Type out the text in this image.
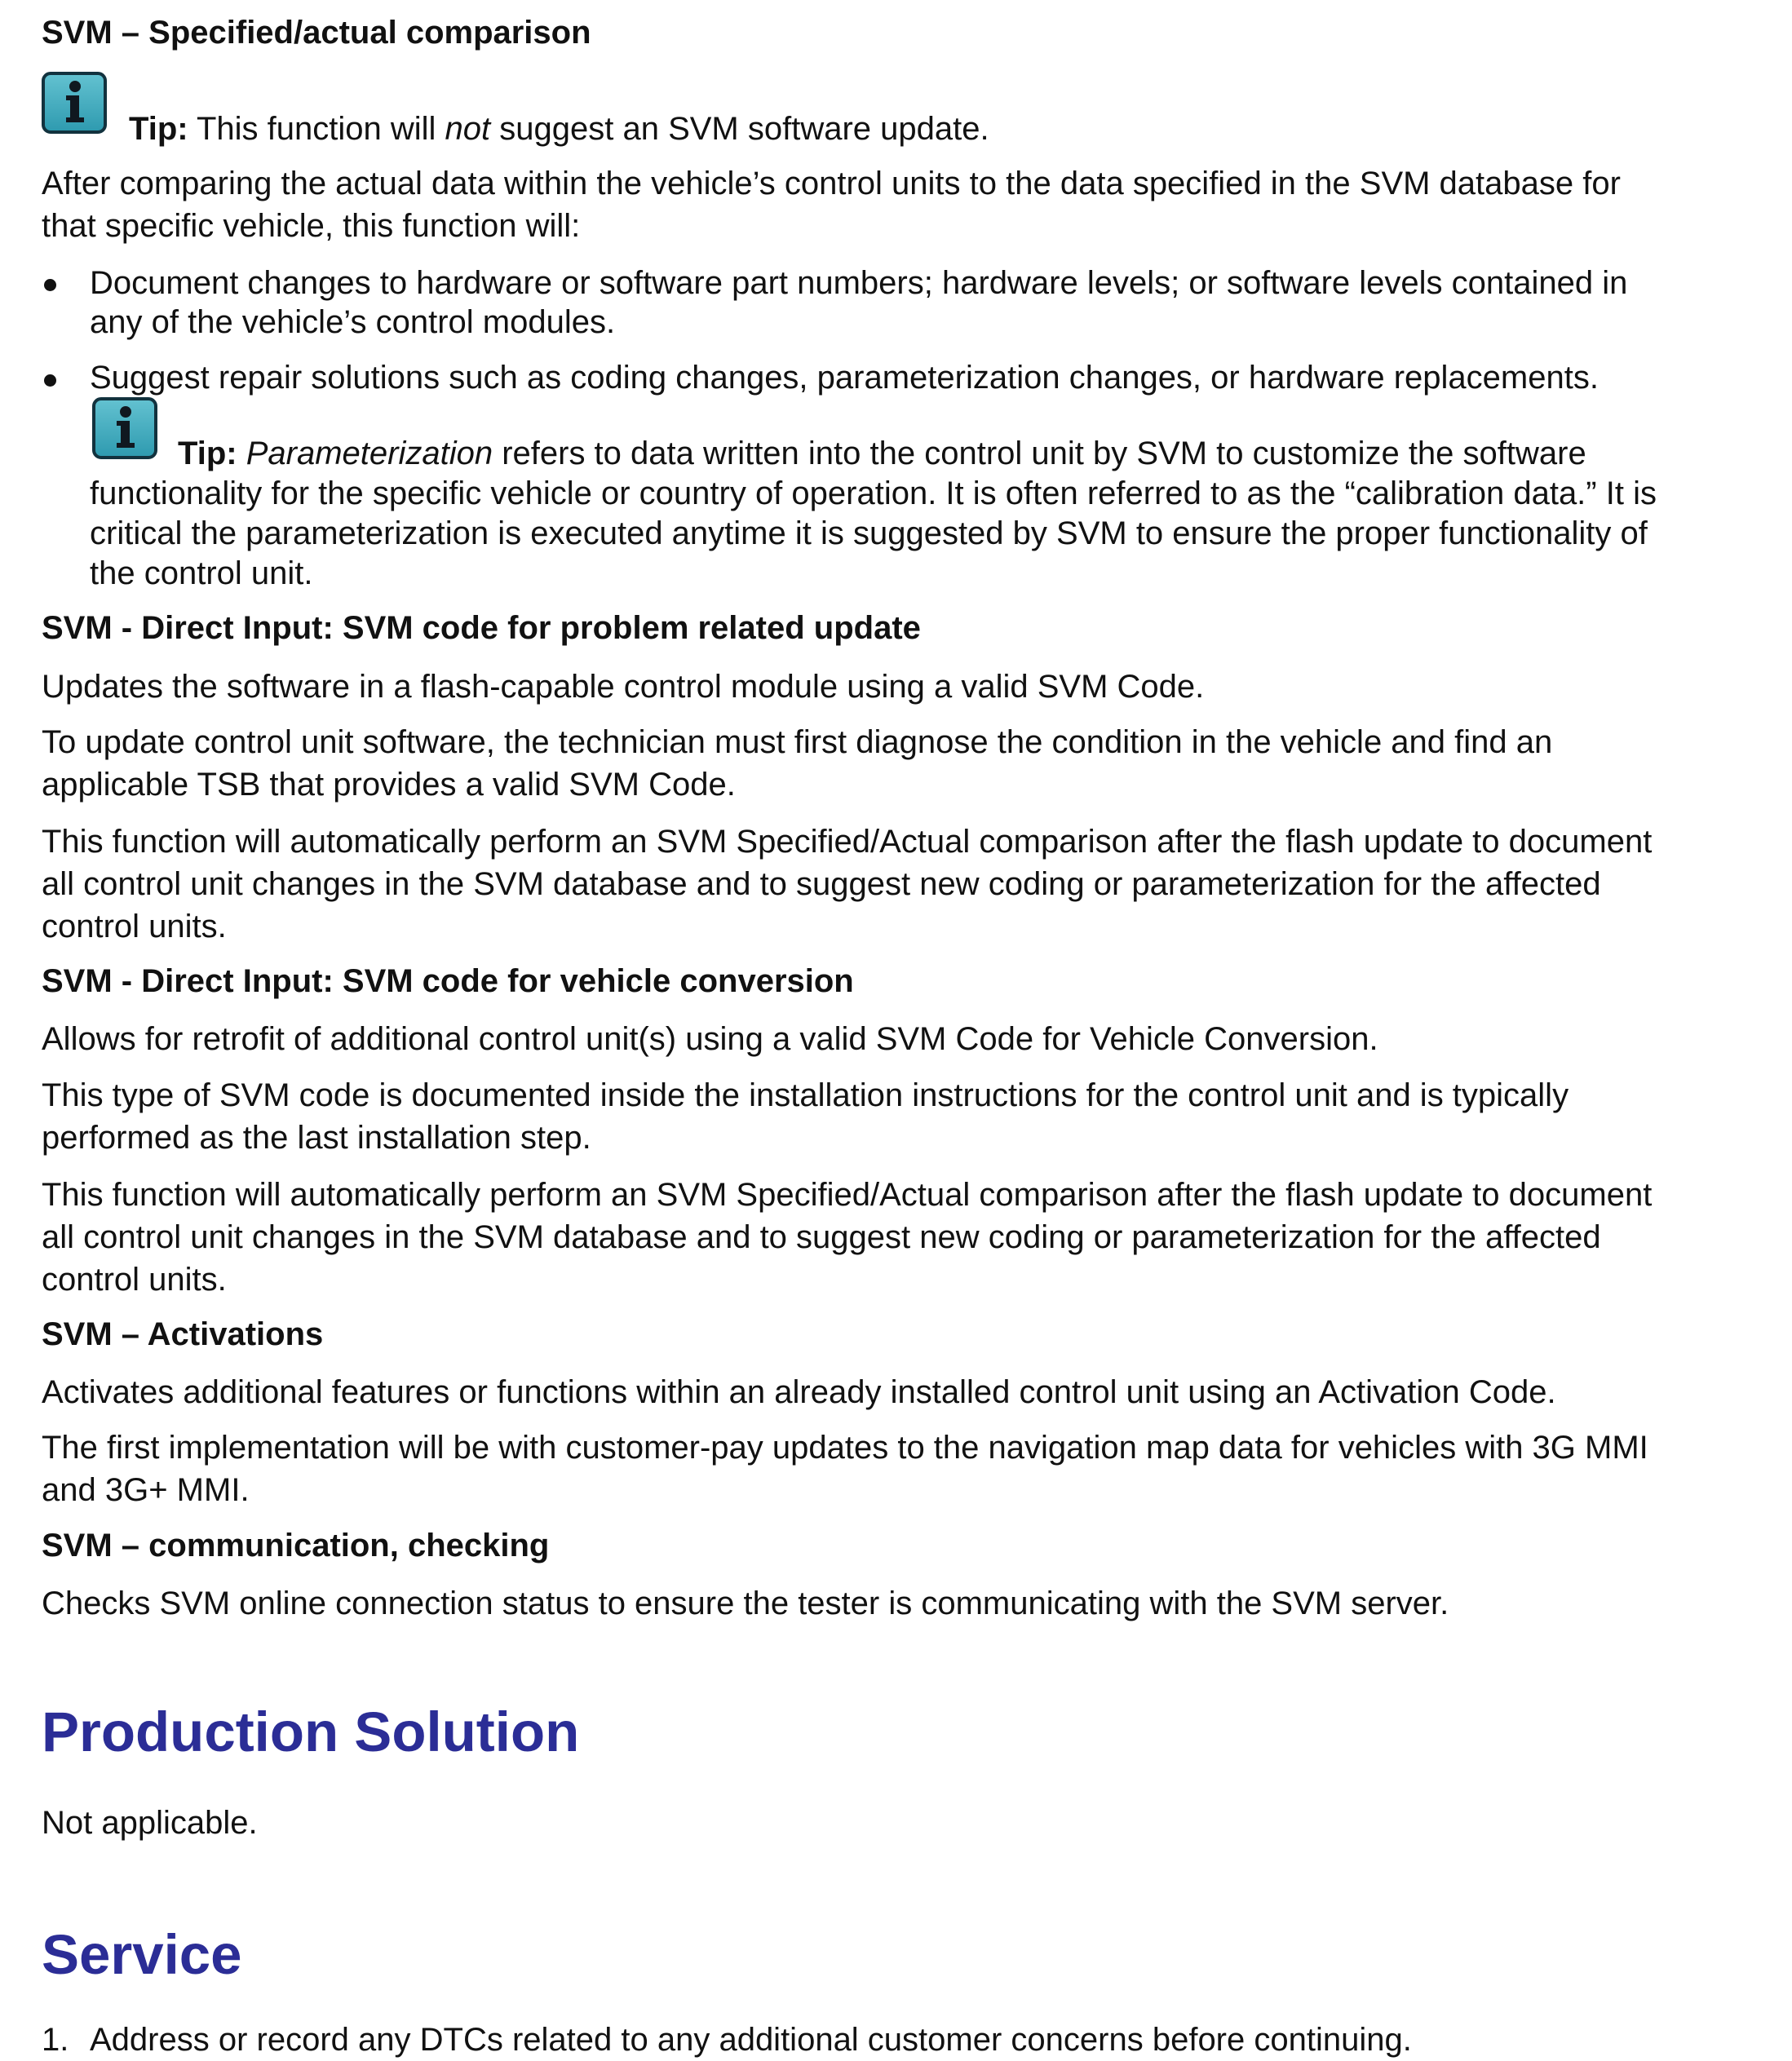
SVM – Specified/actual comparison
Tip: This function will not suggest an SVM software update.
After comparing the actual data within the vehicle’s control units to the data specified in the SVM database for
that specific vehicle, this function will:
Document changes to hardware or software part numbers; hardware levels; or software levels contained in
any of the vehicle’s control modules.
Suggest repair solutions such as coding changes, parameterization changes, or hardware replacements.
Tip: Parameterization refers to data written into the control unit by SVM to customize the software
functionality for the specific vehicle or country of operation. It is often referred to as the “calibration data.” It is
critical the parameterization is executed anytime it is suggested by SVM to ensure the proper functionality of
the control unit.
SVM - Direct Input: SVM code for problem related update
Updates the software in a flash-capable control module using a valid SVM Code.
To update control unit software, the technician must first diagnose the condition in the vehicle and find an
applicable TSB that provides a valid SVM Code.
This function will automatically perform an SVM Specified/Actual comparison after the flash update to document
all control unit changes in the SVM database and to suggest new coding or parameterization for the affected
control units.
SVM - Direct Input: SVM code for vehicle conversion
Allows for retrofit of additional control unit(s) using a valid SVM Code for Vehicle Conversion.
This type of SVM code is documented inside the installation instructions for the control unit and is typically
performed as the last installation step.
This function will automatically perform an SVM Specified/Actual comparison after the flash update to document
all control unit changes in the SVM database and to suggest new coding or parameterization for the affected
control units.
SVM – Activations
Activates additional features or functions within an already installed control unit using an Activation Code.
The first implementation will be with customer-pay updates to the navigation map data for vehicles with 3G MMI
and 3G+ MMI.
SVM – communication, checking
Checks SVM online connection status to ensure the tester is communicating with the SVM server.
Production Solution
Not applicable.
Service
1. Address or record any DTCs related to any additional customer concerns before continuing.
